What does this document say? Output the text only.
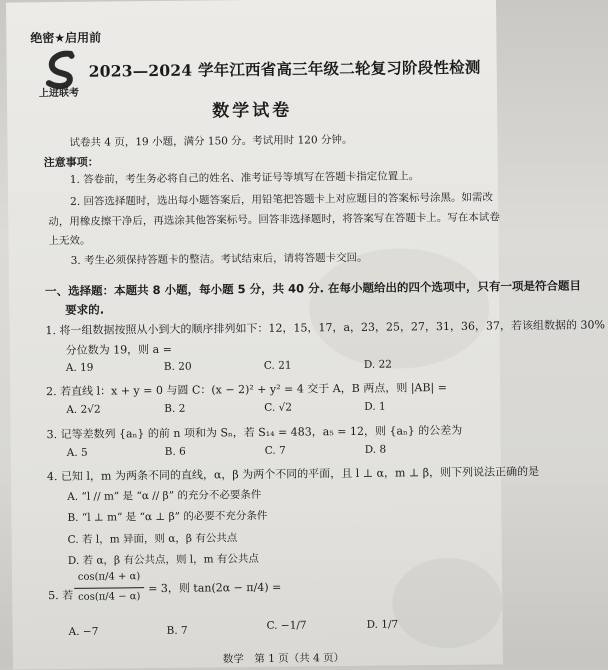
绝密★启用前
上进联考
2023—2024 学年江西省高三年级二轮复习阶段性检测
数学试卷
试卷共 4 页，19 小题，满分 150 分。考试用时 120 分钟。
注意事项：
1. 答卷前，考生务必将自己的姓名、准考证号等填写在答题卡指定位置上。
2. 回答选择题时，选出每小题答案后，用铅笔把答题卡上对应题目的答案标号涂黑。如需改
动，用橡皮擦干净后，再选涂其他答案标号。回答非选择题时，将答案写在答题卡上。写在本试卷
上无效。
3. 考生必须保持答题卡的整洁。考试结束后，请将答题卡交回。
一、选择题：本题共 8 小题，每小题 5 分，共 40 分. 在每小题给出的四个选项中，只有一项是符合题目
要求的.
1. 将一组数据按照从小到大的顺序排列如下：12，15，17，a，23，25，27，31，36，37，若该组数据的 30%
分位数为 19，则 a =
A. 19	B. 20	C. 21	D. 22
2. 若直线 l：x + y = 0 与圆 C：(x − 2)² + y² = 4 交于 A，B 两点，则 |AB| =
A. 2√2	B. 2	C. √2	D. 1
3. 记等差数列 {aₙ} 的前 n 项和为 Sₙ，若 S₁₄ = 483，a₅ = 12，则 {aₙ} 的公差为
A. 5	B. 6	C. 7	D. 8
4. 已知 l，m 为两条不同的直线，α，β 为两个不同的平面，且 l ⊥ α，m ⊥ β，则下列说法正确的是
A. “l // m” 是 “α // β” 的充分不必要条件
B. “l ⊥ m” 是 “α ⊥ β” 的必要不充分条件
C. 若 l，m 异面，则 α，β 有公共点
D. 若 α，β 有公共点，则 l，m 有公共点
5. 若
cos(π/4 + α)
cos(π/4 − α)
= 3，则 tan(2α − π/4) =
A. −7	B. 7	C. −1/7	D. 1/7
数学　第 1 页（共 4 页）
